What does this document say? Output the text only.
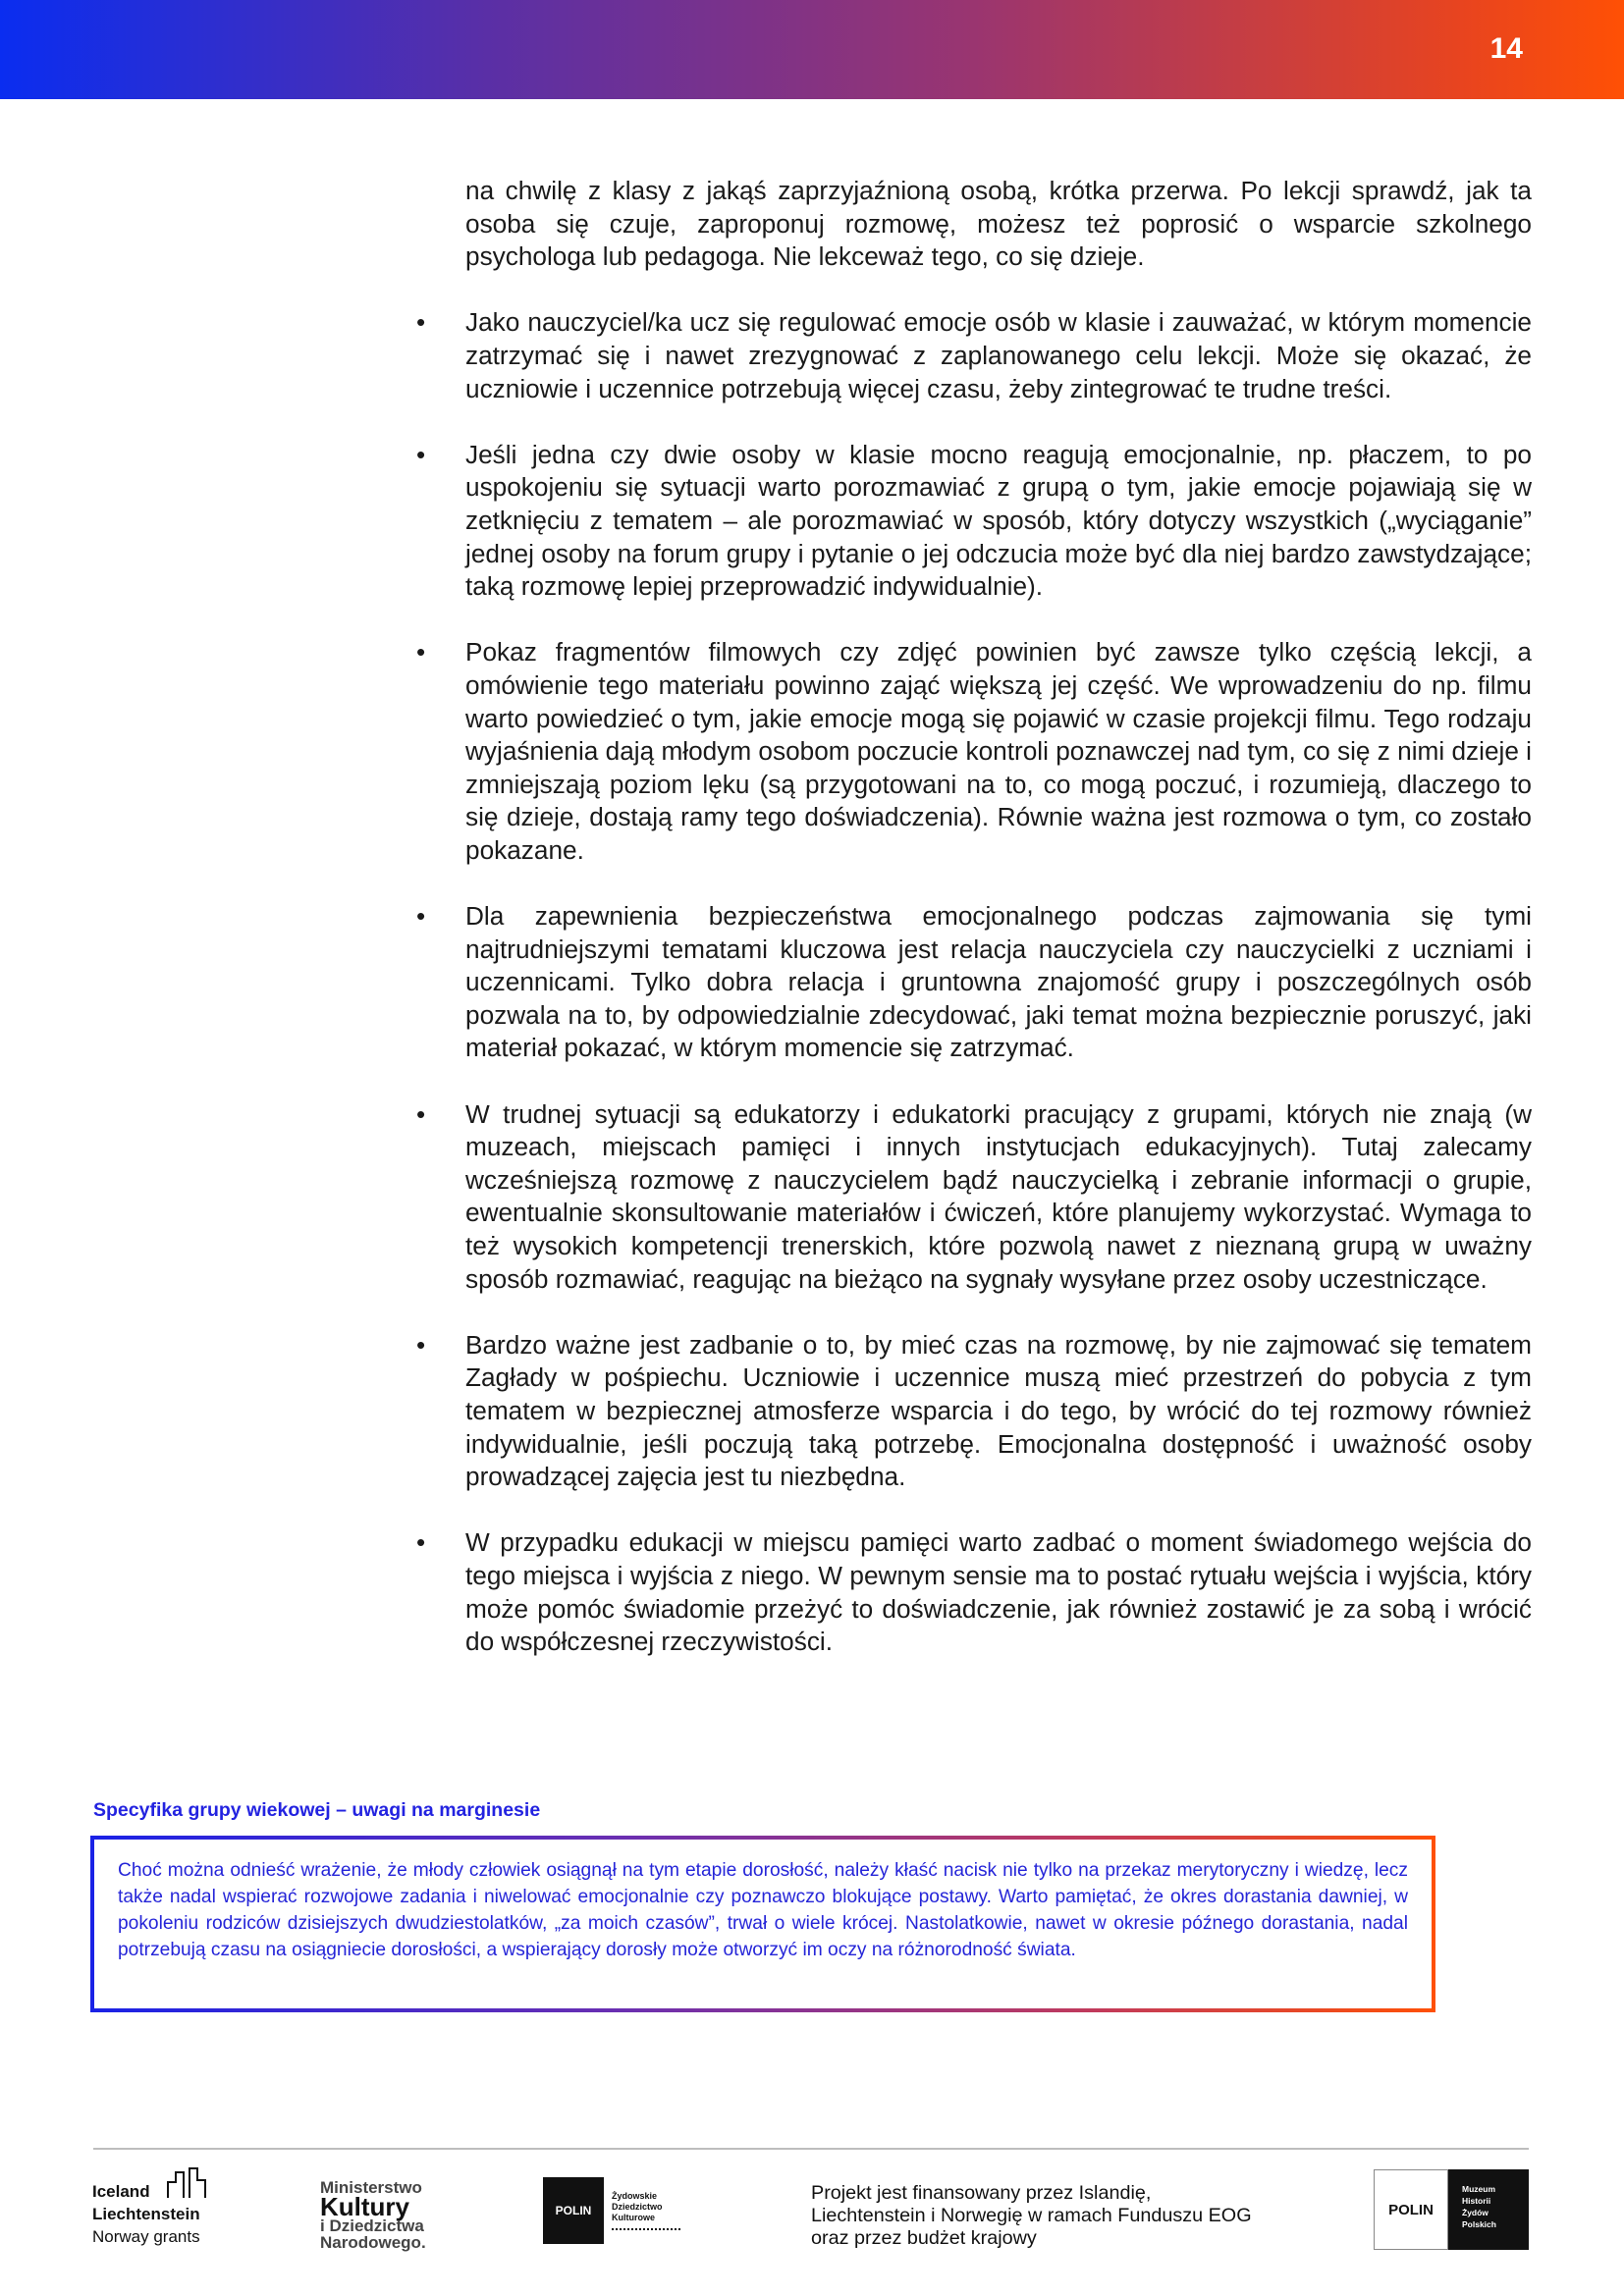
14

na chwilę z klasy z jakąś zaprzyjaźnioną osobą, krótka przerwa. Po lekcji sprawdź, jak ta osoba się czuje, zaproponuj rozmowę, możesz też poprosić o wsparcie szkolnego psychologa lub pedagoga. Nie lekceważ tego, co się dzieje.

• Jako nauczyciel/ka ucz się regulować emocje osób w klasie i zauważać, w którym momencie zatrzymać się i nawet zrezygnować z zaplanowanego celu lekcji. Może się okazać, że uczniowie i uczennice potrzebują więcej czasu, żeby zintegrować te trudne treści.
• Jeśli jedna czy dwie osoby w klasie mocno reagują emocjonalnie, np. płaczem, to po uspokojeniu się sytuacji warto porozmawiać z grupą o tym, jakie emocje pojawiają się w zetknięciu z tematem – ale porozmawiać w sposób, który dotyczy wszystkich („wyciąganie” jednej osoby na forum grupy i pytanie o jej odczucia może być dla niej bardzo zawstydzające; taką rozmowę lepiej przeprowadzić indywidualnie).
• Pokaz fragmentów filmowych czy zdjęć powinien być zawsze tylko częścią lekcji, a omówienie tego materiału powinno zająć większą jej część. We wprowadzeniu do np. filmu warto powiedzieć o tym, jakie emocje mogą się pojawić w czasie projekcji filmu. Tego rodzaju wyjaśnienia dają młodym osobom poczucie kontroli poznawczej nad tym, co się z nimi dzieje i zmniejszają poziom lęku (są przygotowani na to, co mogą poczuć, i rozumieją, dlaczego to się dzieje, dostają ramy tego doświadczenia). Równie ważna jest rozmowa o tym, co zostało pokazane.
• Dla zapewnienia bezpieczeństwa emocjonalnego podczas zajmowania się tymi najtrudniejszymi tematami kluczowa jest relacja nauczyciela czy nauczycielki z uczniami i uczennicami. Tylko dobra relacja i gruntowna znajomość grupy i poszczególnych osób pozwala na to, by odpowiedzialnie zdecydować, jaki temat można bezpiecznie poruszyć, jaki materiał pokazać, w którym momencie się zatrzymać.
• W trudnej sytuacji są edukatorzy i edukatorki pracujący z grupami, których nie znają (w muzeach, miejscach pamięci i innych instytucjach edukacyjnych). Tutaj zalecamy wcześniejszą rozmowę z nauczycielem bądź nauczycielką i zebranie informacji o grupie, ewentualnie skonsultowanie materiałów i ćwiczeń, które planujemy wykorzystać. Wymaga to też wysokich kompetencji trenerskich, które pozwolą nawet z nieznaną grupą w uważny sposób rozmawiać, reagując na bieżąco na sygnały wysyłane przez osoby uczestniczące.
• Bardzo ważne jest zadbanie o to, by mieć czas na rozmowę, by nie zajmować się tematem Zagłady w pośpiechu. Uczniowie i uczennice muszą mieć przestrzeń do pobycia z tym tematem w bezpiecznej atmosferze wsparcia i do tego, by wrócić do tej rozmowy również indywidualnie, jeśli poczują taką potrzebę. Emocjonalna dostępność i uważność osoby prowadzącej zajęcia jest tu niezbędna.
• W przypadku edukacji w miejscu pamięci warto zadbać o moment świadomego wejścia do tego miejsca i wyjścia z niego. W pewnym sensie ma to postać rytuału wejścia i wyjścia, który może pomóc świadomie przeżyć to doświadczenie, jak również zostawić je za sobą i wrócić do współczesnej rzeczywistości.
Specyfika grupy wiekowej – uwagi na marginesie
Choć można odnieść wrażenie, że młody człowiek osiągnął na tym etapie dorosłość, należy kłaść nacisk nie tylko na przekaz merytoryczny i wiedzę, lecz także nadal wspierać rozwojowe zadania i niwelować emocjonalnie czy poznawczo blokujące postawy. Warto pamiętać, że okres dorastania dawniej, w pokoleniu rodziców dzisiejszych dwudziestolatków, „za moich czasów”, trwał o wiele krócej. Nastolatkowie, nawet w okresie późnego dorastania, nadal potrzebują czasu na osiągniecie dorosłości, a wspierający dorosły może otworzyć im oczy na różnorodność świata.
Iceland
Liechtenstein
Norway grants
Ministerstwo
Kultury
i Dziedzictwa
Narodowego.
POLIN
Żydowskie
Dziedzictwo
Kulturowe
Projekt jest finansowany przez Islandię,
Liechtenstein i Norwegię w ramach Funduszu EOG
oraz przez budżet krajowy
POLIN
Muzeum
Historii
Żydów
Polskich
